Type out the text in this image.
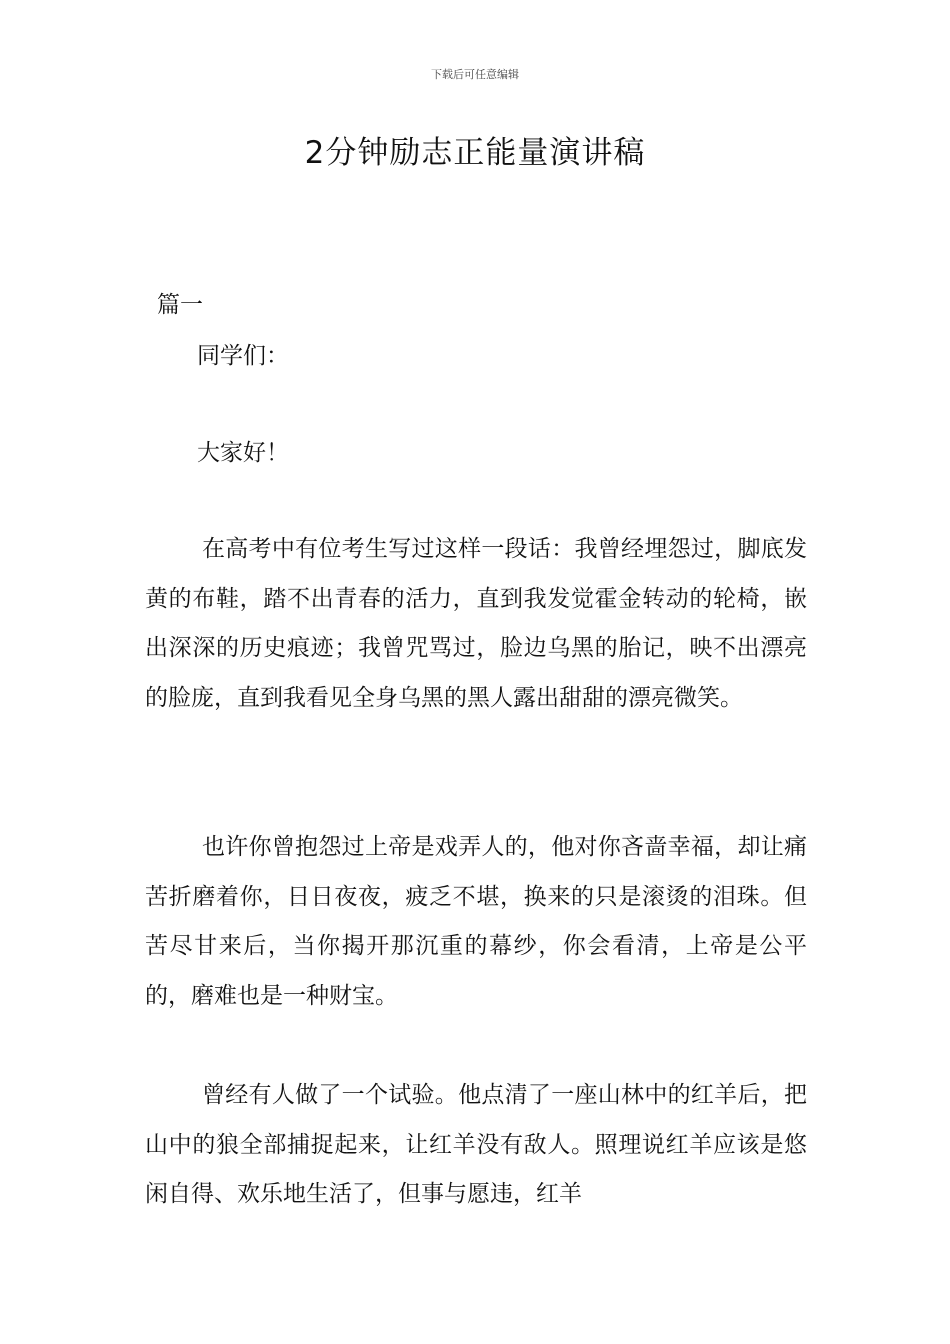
下载后可任意编辑
2分钟励志正能量演讲稿
篇一
同学们：
大家好！

在高考中有位考生写过这样一段话：我曾经埋怨过，脚底发黄的布鞋，踏不出青春的活力，直到我发觉霍金转动的轮椅，嵌出深深的历史痕迹；我曾咒骂过，脸边乌黑的胎记，映不出漂亮的脸庞，直到我看见全身乌黑的黑人露出甜甜的漂亮微笑。

也许你曾抱怨过上帝是戏弄人的，他对你吝啬幸福，却让痛苦折磨着你，日日夜夜，疲乏不堪，换来的只是滚烫的泪珠。但苦尽甘来后，当你揭开那沉重的幕纱，你会看清，上帝是公平的，磨难也是一种财宝。

曾经有人做了一个试验。他点清了一座山林中的红羊后，把山中的狼全部捕捉起来，让红羊没有敌人。照理说红羊应该是悠闲自得、欢乐地生活了，但事与愿违，红羊
